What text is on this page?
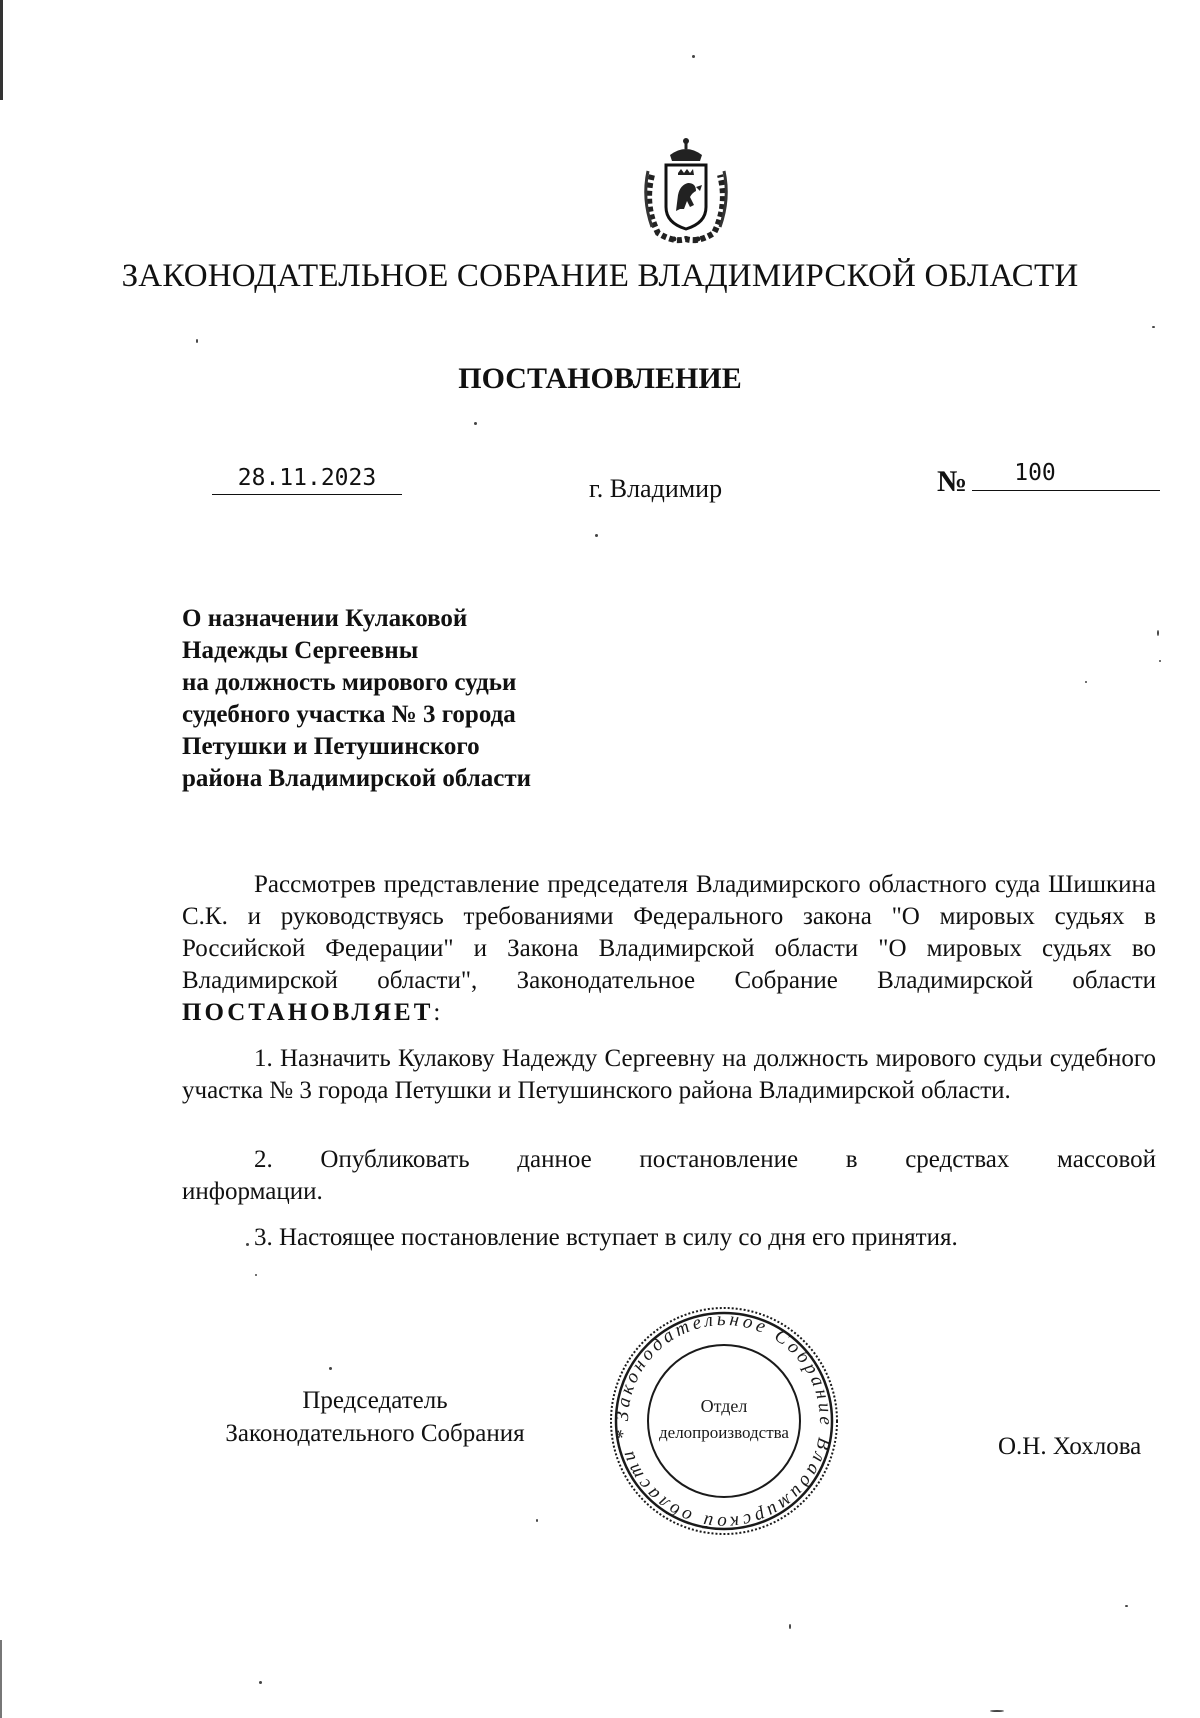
ЗАКОНОДАТЕЛЬНОЕ СОБРАНИЕ ВЛАДИМИРСКОЙ ОБЛАСТИ
ПОСТАНОВЛЕНИЕ
28.11.2023	г. Владимир	№	100
О назначении Кулаковой
Надежды Сергеевны
на должность мирового судьи
судебного участка № 3 города
Петушки и Петушинского
района Владимирской области
Рассмотрев представление председателя Владимирского областного суда Шишкина С.К. и руководствуясь требованиями Федерального закона "О мировых судьях в Российской Федерации" и Закона Владимирской области "О мировых судьях во Владимирской области", Законодательное Собрание Владимирской области ПОСТАНОВЛЯЕТ:
1. Назначить Кулакову Надежду Сергеевну на должность мирового судьи судебного участка № 3 города Петушки и Петушинского района Владимирской области.
2. Опубликовать данное постановление в средствах массовой
информации.
3. Настоящее постановление вступает в силу со дня его принятия.
Председатель
Законодательного Собрания
Законодательное Собрание Владимирской области *
Отдел
делопроизводства
О.Н. Хохлова
